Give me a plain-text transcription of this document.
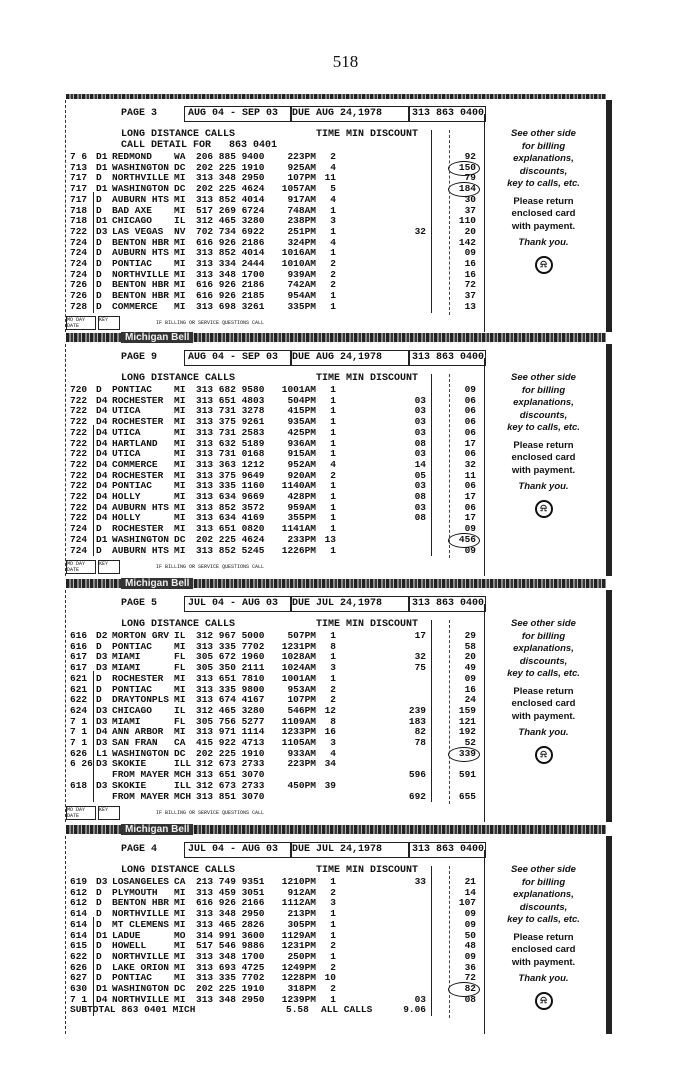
518
PAGE 3	AUG 04 - SEP 03 DUE AUG 24,1978	313 863 0400
LONG DISTANCE CALLS	TIME MIN DISCOUNT
CALL DETAIL FOR   863 0401
7 6 D1 REDMOND WA 206 885 9400 223PM 2	92
713 D1 WASHINGTON DC 202 225 1910 925AM 4	150
717 D NORTHVILLE MI 313 348 2950 107PM 11	79
717 D1 WASHINGTON DC 202 225 4624 1057AM 5	184
717 D AUBURN HTS MI 313 852 4014 917AM 4	30
718 D BAD AXE MI 517 269 6724 748AM 1	37
718 D1 CHICAGO IL 312 465 3280 238PM 3	110
722 D3 LAS VEGAS NV 702 734 6922 251PM 1	32	20
724 D BENTON HBR MI 616 926 2186 324PM 4	142
724 D AUBURN HTS MI 313 852 4014 1016AM 1	09
724 D PONTIAC MI 313 334 2444 1010AM 2	16
724 D NORTHVILLE MI 313 348 1700 939AM 2	16
726 D BENTON HBR MI 616 926 2186 742AM 2	72
726 D BENTON HBR MI 616 926 2185 954AM 1	37
728 D COMMERCE MI 313 698 3261 335PM 1	13
MO DAY DATE
KEY	IF BILLING OR SERVICE QUESTIONS CALL
See other side
for billing
explanations,
discounts,
key to calls, etc.
Please return
enclosed card
with payment.
Thank you.
⍾
Michigan Bell
PAGE 9	AUG 04 - SEP 03 DUE AUG 24,1978	313 863 0400
LONG DISTANCE CALLS	TIME MIN DISCOUNT
720 D PONTIAC MI 313 682 9580 1001AM 1	09
722 D4 ROCHESTER MI 313 651 4803 504PM 1	03	06
722 D4 UTICA	MI 313 731 3278 415PM 1	03	06
722 D4 ROCHESTER MI 313 375 9261 935AM 1	03	06
722 D4 UTICA	MI 313 731 2583 425PM 1	03	06
722 D4 HARTLAND MI 313 632 5189 936AM 1	08	17
722 D4 UTICA	MI 313 731 0168 915AM 1	03	06
722 D4 COMMERCE MI 313 363 1212 952AM 4	14	32
722 D4 ROCHESTER MI 313 375 9649 920AM 2	05	11
722 D4 PONTIAC MI 313 335 1160 1140AM 1	03	06
722 D4 HOLLY	MI 313 634 9669 428PM 1	08	17
722 D4 AUBURN HTS MI 313 852 3572 959AM 1	03	06
722 D4 HOLLY	MI 313 634 4169 355PM 1	08	17
724 D ROCHESTER MI 313 651 0820 1141AM 1	09
724 D1 WASHINGTON DC 202 225 4624 233PM 13	456
724 D AUBURN HTS MI 313 852 5245 1226PM 1	09
MO DAY DATE
KEY	IF BILLING OR SERVICE QUESTIONS CALL
See other side
for billing
explanations,
discounts,
key to calls, etc.
Please return
enclosed card
with payment.
Thank you.
⍾
Michigan Bell
PAGE 5	JUL 04 - AUG 03 DUE JUL 24,1978	313 863 0400
LONG DISTANCE CALLS	TIME MIN DISCOUNT
616 D2 MORTON GRV IL 312 967 5000 507PM 1	17	29
616 D PONTIAC MI 313 335 7702 1231PM 8	58
617 D3 MIAMI	FL 305 672 1960 1028AM 1	32	20
617 D3 MIAMI	FL 305 350 2111 1024AM 3	75	49
621 D ROCHESTER MI 313 651 7810 1001AM 1	09
621 D PONTIAC MI 313 335 9800 953AM 2	16
622 D DRAYTONPLS MI 313 674 4167 107PM 2	24
624 D3 CHICAGO IL 312 465 3280 546PM 12	239	159
7 1 D3 MIAMI	FL 305 756 5277 1109AM 8	183	121
7 1 D4 ANN ARBOR MI 313 971 1114 1233PM 16	82	192
7 1 D3 SAN FRAN CA 415 922 4713 1105AM 3	78	52
626 L1 WASHINGTON DC 202 225 1910 933AM 4	339
6 26 D3 SKOKIE	ILL 312 673 2733 223PM 34
FROM MAYER MCH 313 651 3070	596	591
618 D3 SKOKIE	ILL 312 673 2733 450PM 39
FROM MAYER MCH 313 851 3070	692	655
MO DAY DATE
KEY	IF BILLING OR SERVICE QUESTIONS CALL
See other side
for billing
explanations,
discounts,
key to calls, etc.
Please return
enclosed card
with payment.
Thank you.
⍾
Michigan Bell
PAGE 4	JUL 04 - AUG 03 DUE JUL 24,1978	313 863 0400
LONG DISTANCE CALLS	TIME MIN DISCOUNT
619 D3 LOSANGELES CA 213 749 9351 1210PM 1	33	21
612 D PLYMOUTH MI 313 459 3051 912AM 2	14
612 D BENTON HBR MI 616 926 2166 1112AM 3	107
614 D NORTHVILLE MI 313 348 2950 213PM 1	09
614 D MT CLEMENS MI 313 465 2826 305PM 1	09
614 D1 LADUE	MO 314 991 3600 1129AM 1	50
615 D HOWELL	MI 517 546 9886 1231PM 2	48
622 D NORTHVILLE MI 313 348 1700 250PM 1	09
626 D LAKE ORION MI 313 693 4725 1249PM 2	36
627 D PONTIAC MI 313 335 7702 1228PM 10	72
630 D1 WASHINGTON DC 202 225 1910 318PM 2	82
7 1 D4 NORTHVILLE MI 313 348 2950 1239PM 1	03	08
SUBTOTAL 863 0401 MICH	5.58 ALL CALLS	9.06
See other side
for billing
explanations,
discounts,
key to calls, etc.
Please return
enclosed card
with payment.
Thank you.
⍾
